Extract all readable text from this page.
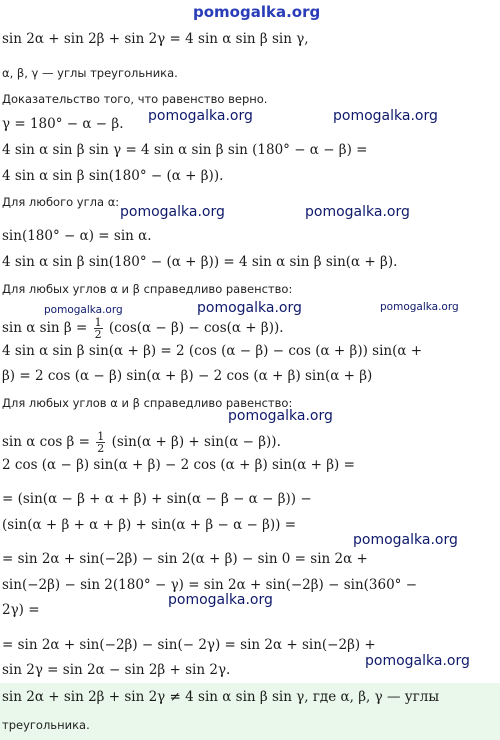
pomogalka.org
sin 2α + sin 2β + sin 2γ = 4 sin α sin β sin γ,
α, β, γ — углы треугольника.
Доказательство того, что равенство верно.
γ = 180° − α − β.
4 sin α sin β sin γ = 4 sin α sin β sin (180° − α − β) =
4 sin α sin β sin(180° − (α + β)).
Для любого угла α:
sin(180° − α) = sin α.
4 sin α sin β sin(180° − (α + β)) = 4 sin α sin β sin(α + β).
Для любых углов α и β справедливо равенство:
sin α $\sin \beta = \frac{1}{2} (\cos(\alpha - \beta) - \cos(\alpha + \beta))$.
4 sin α sin β sin(α + β) = 2 (cos (α − β) − cos (α + β)) sin(α +
β) = 2 cos (α − β) sin(α + β) − 2 cos (α + β) sin(α + β)
Для любых углов α и β справедливо равенство:
sin α $\cos \beta = \frac{1}{2} (\sin(\alpha + \beta) + \sin(\alpha - \beta))$.
2 cos (α − β) sin(α + β) − 2 cos (α + β) sin(α + β) =
= (sin(α − β + α + β) + sin(α − β − α − β)) −
(sin(α + β + α + β) + sin(α + β − α − β)) =
= sin 2α + sin(−2β) − sin 2(α + β) − sin 0 = sin 2α +
sin(−2β) − sin 2(180° − γ) = sin 2α + sin(−2β) − sin(360° −
2γ) =
= sin 2α + sin(−2β) − sin(− 2γ) = sin 2α + sin(−2β) +
sin 2γ = sin 2α − sin 2β + sin 2γ.
sin 2α + sin 2β + sin 2γ ≠ 4 sin α sin β sin γ, где α, β, γ — углы
треугольника.
pomogalka.org	pomogalka.org
pomogalka.org	pomogalka.org
pomogalka.org	pomogalka.org	pomogalka.org
pomogalka.org
pomogalka.org
pomogalka.org
pomogalka.org
